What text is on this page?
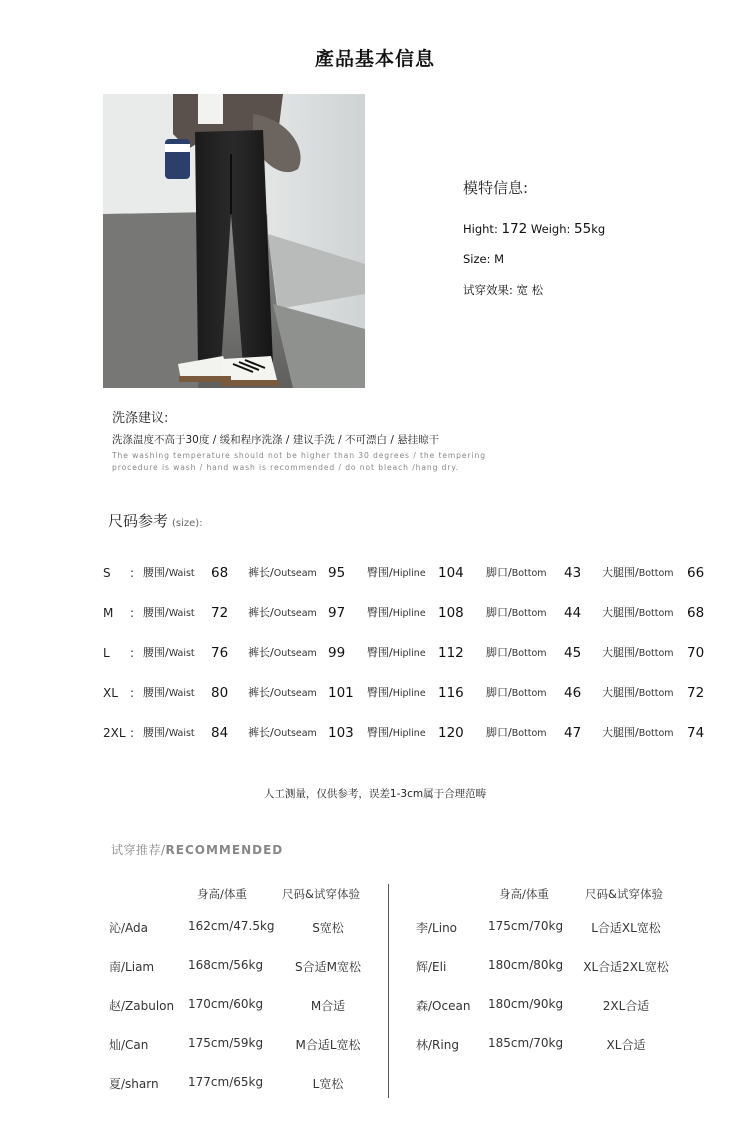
產品基本信息
模特信息:
Hight: 172 Weigh: 55kg
Size: M
试穿效果: 宽 松
洗涤建议:
洗涤温度不高于30度 / 缓和程序洗涤 / 建议手洗 / 不可漂白 / 悬挂晾干
The washing temperature should not be higher than 30 degrees / the tempering
procedure is wash / hand wash is recommended / do not bleach /hang dry.
尺码参考 (size):
S : 腰围/Waist 68 裤长/Outseam 95 臀围/Hipline 104 脚口/Bottom 43 大腿围/Bottom 66
M : 腰围/Waist 72 裤长/Outseam 97 臀围/Hipline 108 脚口/Bottom 44 大腿围/Bottom 68
L : 腰围/Waist 76 裤长/Outseam 99 臀围/Hipline 112 脚口/Bottom 45 大腿围/Bottom 70
XL : 腰围/Waist 80 裤长/Outseam 101 臀围/Hipline 116 脚口/Bottom 46 大腿围/Bottom 72
2XL : 腰围/Waist 84 裤长/Outseam 103 臀围/Hipline 120 脚口/Bottom 47 大腿围/Bottom 74
人工测量，仅供参考，误差1-3cm属于合理范畴
试穿推荐/RECOMMENDED
身高/体重	尺码&试穿体验	身高/体重	尺码&试穿体验
沁/Ada	162cm/47.5kg	S宽松
南/Liam	168cm/56kg	S合适M宽松
赵/Zabulon 170cm/60kg	M合适
灿/Can	175cm/59kg	M合适L宽松
夏/sharn 177cm/65kg	L宽松
李/Lino	175cm/70kg	L合适XL宽松
辉/Eli	180cm/80kg	XL合适2XL宽松
森/Ocean 180cm/90kg	2XL合适
林/Ring 185cm/70kg	XL合适
